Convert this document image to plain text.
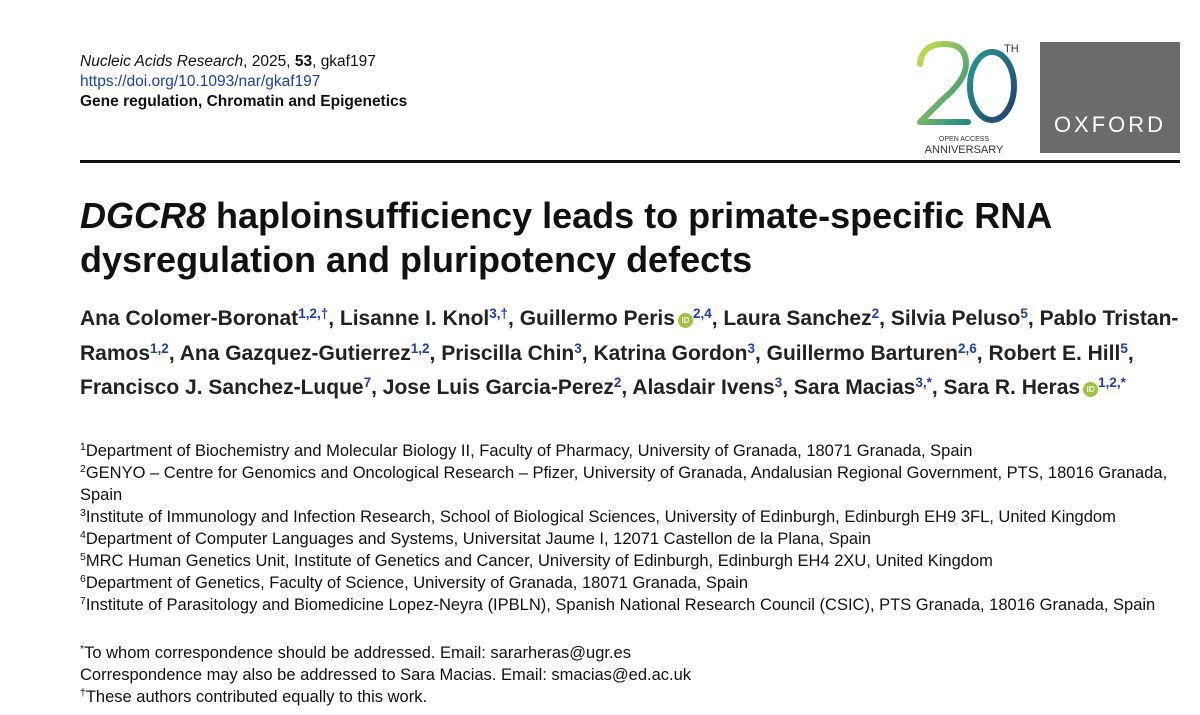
Nucleic Acids Research, 2025, 53, gkaf197
https://doi.org/10.1093/nar/gkaf197
Gene regulation, Chromatin and Epigenetics
TH
OPEN ACCESS
ANNIVERSARY
OXFORD
DGCR8 haploinsufficiency leads to primate-specific RNA dysregulation and pluripotency defects
Ana Colomer-Boronat$^{1,2,\dagger}$, Lisanne I. Knol$^{3,\dagger}$, Guillermo Peris iD $^{2,4}$, Laura Sanchez$^2$, Silvia Peluso$^5$, Pablo Tristan-Ramos$^{1,2}$, Ana Gazquez-Gutierrez$^{1,2}$, Priscilla Chin$^3$, Katrina Gordon$^3$, Guillermo Barturen$^{2,6}$, Robert E. Hill$^5$, Francisco J. Sanchez-Luque$^7$, Jose Luis Garcia-Perez$^2$, Alasdair Ivens$^3$, Sara Macias$^{3,*}$, Sara R. Heras iD $^{1,2,*}$
$^1$Department of Biochemistry and Molecular Biology II, Faculty of Pharmacy, University of Granada, 18071 Granada, Spain
$^2$GENYO – Centre for Genomics and Oncological Research – Pfizer, University of Granada, Andalusian Regional Government, PTS, 18016 Granada, Spain
$^3$Institute of Immunology and Infection Research, School of Biological Sciences, University of Edinburgh, Edinburgh EH9 3FL, United Kingdom
$^4$Department of Computer Languages and Systems, Universitat Jaume I, 12071 Castellon de la Plana, Spain
$^5$MRC Human Genetics Unit, Institute of Genetics and Cancer, University of Edinburgh, Edinburgh EH4 2XU, United Kingdom
$^6$Department of Genetics, Faculty of Science, University of Granada, 18071 Granada, Spain
$^7$Institute of Parasitology and Biomedicine Lopez-Neyra (IPBLN), Spanish National Research Council (CSIC), PTS Granada, 18016 Granada, Spain
*To whom correspondence should be addressed. Email: sararheras@ugr.es
Correspondence may also be addressed to Sara Macias. Email: smacias@ed.ac.uk
†These authors contributed equally to this work.
